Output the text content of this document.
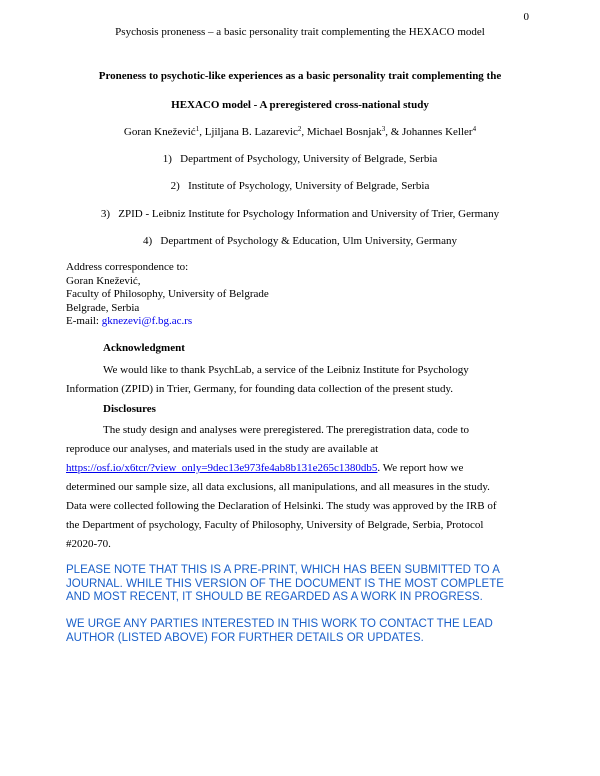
0
Psychosis proneness – a basic personality trait complementing the HEXACO model
Proneness to psychotic-like experiences as a basic personality trait complementing the
HEXACO model - A preregistered cross-national study
Goran Knežević$^1$, Ljiljana B. Lazarevic$^2$, Michael Bosnjak$^3$, & Johannes Keller$^4$
1)   Department of Psychology, University of Belgrade, Serbia
2)   Institute of Psychology, University of Belgrade, Serbia
3)   ZPID - Leibniz Institute for Psychology Information and University of Trier, Germany
4)   Department of Psychology & Education, Ulm University, Germany
Address correspondence to:
Goran Knežević,
Faculty of Philosophy, University of Belgrade
Belgrade, Serbia
E-mail: gknezevi@f.bg.ac.rs
Acknowledgment
We would like to thank PsychLab, a service of the Leibniz Institute for Psychology
Information (ZPID) in Trier, Germany, for founding data collection of the present study.
Disclosures
The study design and analyses were preregistered. The preregistration data, code to
reproduce our analyses, and materials used in the study are available at
https://osf.io/x6tcr/?view_only=9dec13e973fe4ab8b131e265c1380db5. We report how we
determined our sample size, all data exclusions, all manipulations, and all measures in the study.
Data were collected following the Declaration of Helsinki. The study was approved by the IRB of
the Department of psychology, Faculty of Philosophy, University of Belgrade, Serbia, Protocol
#2020-70.
PLEASE NOTE THAT THIS IS A PRE-PRINT, WHICH HAS BEEN SUBMITTED TO A
JOURNAL. WHILE THIS VERSION OF THE DOCUMENT IS THE MOST COMPLETE
AND MOST RECENT, IT SHOULD BE REGARDED AS A WORK IN PROGRESS.
WE URGE ANY PARTIES INTERESTED IN THIS WORK TO CONTACT THE LEAD
AUTHOR (LISTED ABOVE) FOR FURTHER DETAILS OR UPDATES.
